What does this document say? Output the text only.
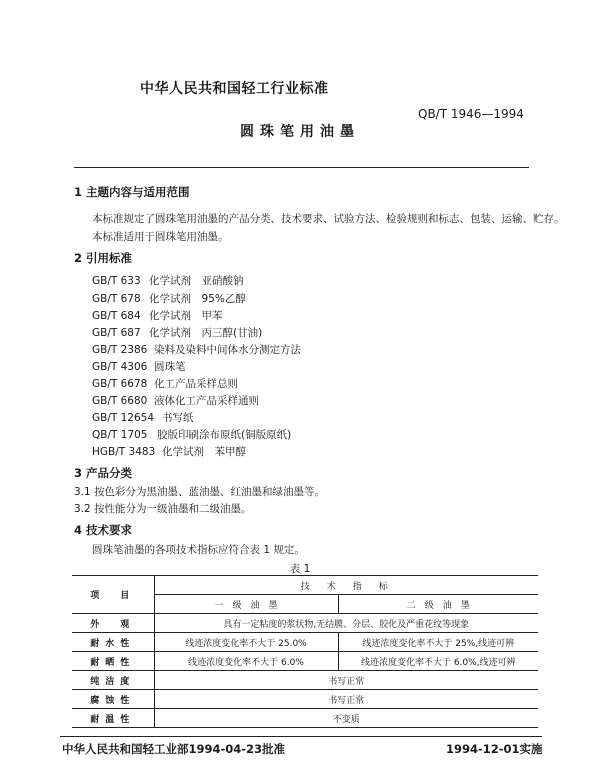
中华人民共和国轻工行业标准
QB/T 1946—1994
圆珠笔用油墨
1 主题内容与适用范围
本标准规定了圆珠笔用油墨的产品分类、技术要求、试验方法、检验规则和标志、包装、运输、贮存。
本标准适用于圆珠笔用油墨。
2 引用标准
GB/T 633 化学试剂　亚硝酸钠
GB/T 678 化学试剂　95%乙醇
GB/T 684 化学试剂　甲苯
GB/T 687 化学试剂　丙三醇(甘油)
GB/T 2386 染料及染料中间体水分测定方法
GB/T 4306 圆珠笔
GB/T 6678 化工产品采样总则
GB/T 6680 液体化工产品采样通则
GB/T 12654 书写纸
QB/T 1705 胶版印刷涂布原纸(铜版原纸)
HGB/T 3483 化学试剂　苯甲醇
3 产品分类
3.1 按色彩分为黑油墨、蓝油墨、红油墨和绿油墨等。
3.2 按性能分为一级油墨和二级油墨。
4 技术要求
圆珠笔油墨的各项技术指标应符合表 1 规定。
表 1
项　目	技　术　指　标	
	一　级　油　墨	二　级　油　墨
外　观	具有一定粘度的浆状物,无结膜、分层、胶化及严重花纹等现象	
耐水性	线迹浓度变化率不大于 25.0%	线迹浓度变化率不大于 25%,线迹可辨
耐晒性	线迹浓度变化率不大于 6.0%	线迹浓度变化率不大于 6.0%,线迹可辨
纯洁度	书写正常	
腐蚀性	书写正常	
耐温性	不变质	
中华人民共和国轻工业部1994-04-23批准	1994-12-01实施
